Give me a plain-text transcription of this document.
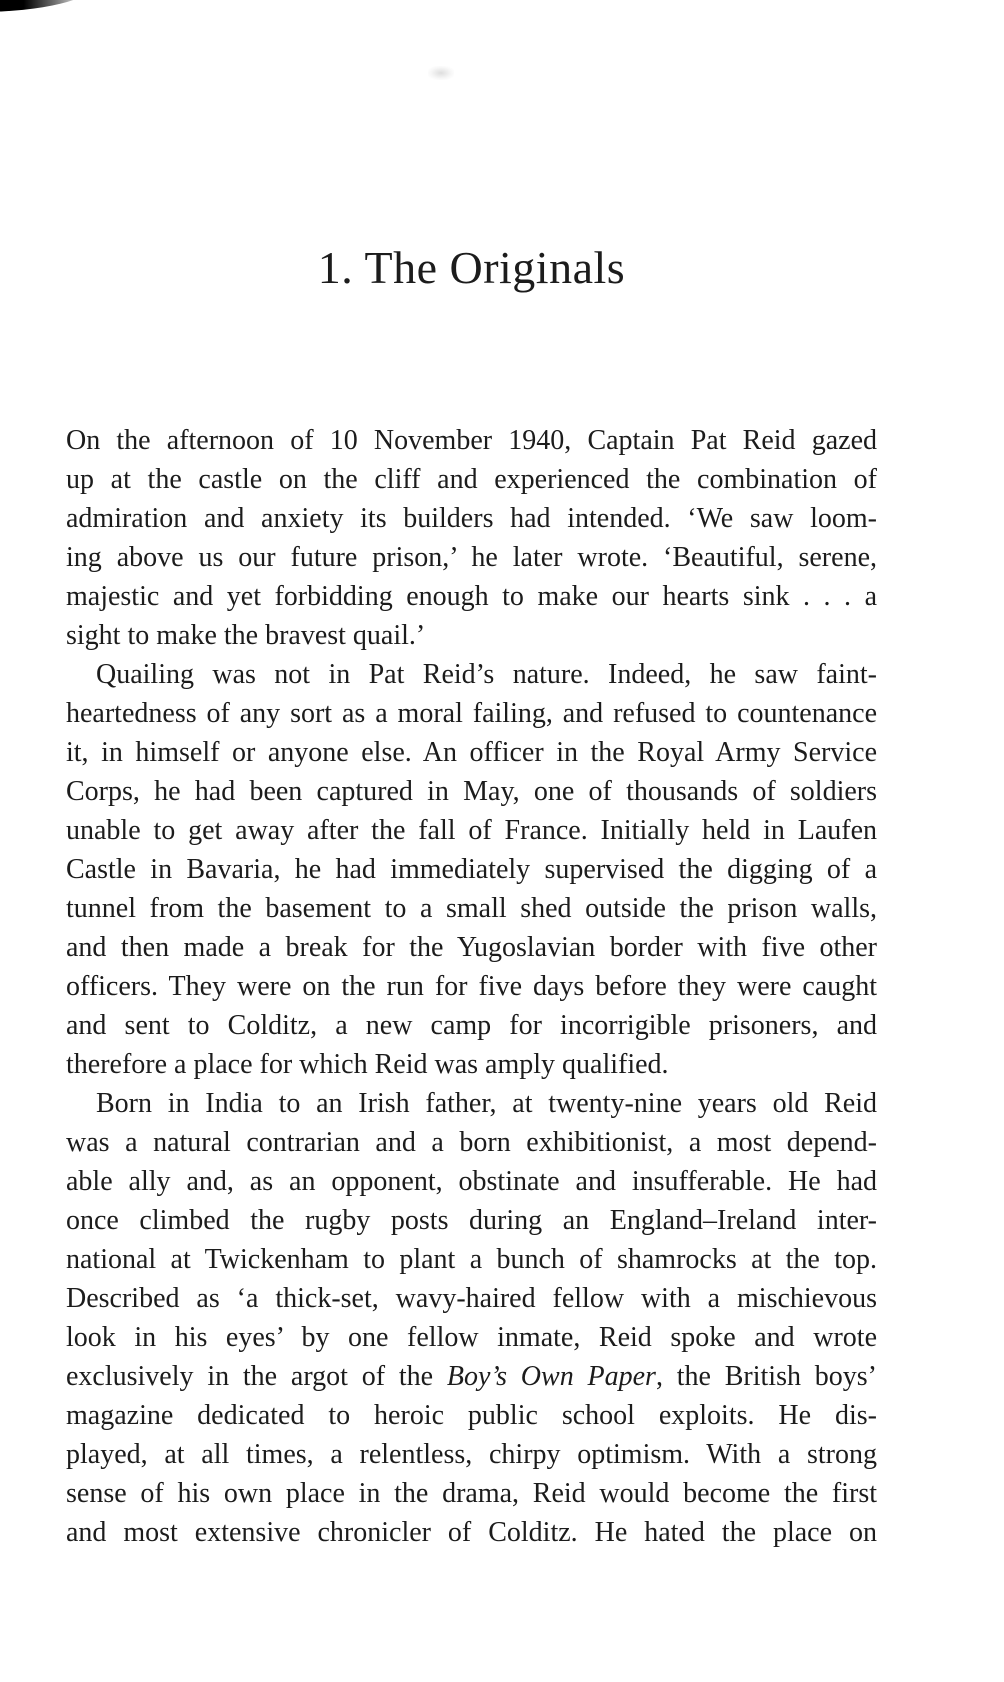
1. The Originals
On the afternoon of 10 November 1940, Captain Pat Reid gazed
up at the castle on the cliff and experienced the combination of
admiration and anxiety its builders had intended. ‘We saw loom-
ing above us our future prison,’ he later wrote. ‘Beautiful, serene,
majestic and yet forbidding enough to make our hearts sink . . . a
sight to make the bravest quail.’
Quailing was not in Pat Reid’s nature. Indeed, he saw faint-
heartedness of any sort as a moral failing, and refused to countenance
it, in himself or anyone else. An officer in the Royal Army Service
Corps, he had been captured in May, one of thousands of soldiers
unable to get away after the fall of France. Initially held in Laufen
Castle in Bavaria, he had immediately supervised the digging of a
tunnel from the basement to a small shed outside the prison walls,
and then made a break for the Yugoslavian border with five other
officers. They were on the run for five days before they were caught
and sent to Colditz, a new camp for incorrigible prisoners, and
therefore a place for which Reid was amply qualified.
Born in India to an Irish father, at twenty-nine years old Reid
was a natural contrarian and a born exhibitionist, a most depend-
able ally and, as an opponent, obstinate and insufferable. He had
once climbed the rugby posts during an England–Ireland inter-
national at Twickenham to plant a bunch of shamrocks at the top.
Described as ‘a thick-set, wavy-haired fellow with a mischievous
look in his eyes’ by one fellow inmate, Reid spoke and wrote
exclusively in the argot of the Boy’s Own Paper, the British boys’
magazine dedicated to heroic public school exploits. He dis-
played, at all times, a relentless, chirpy optimism. With a strong
sense of his own place in the drama, Reid would become the first
and most extensive chronicler of Colditz. He hated the place on
